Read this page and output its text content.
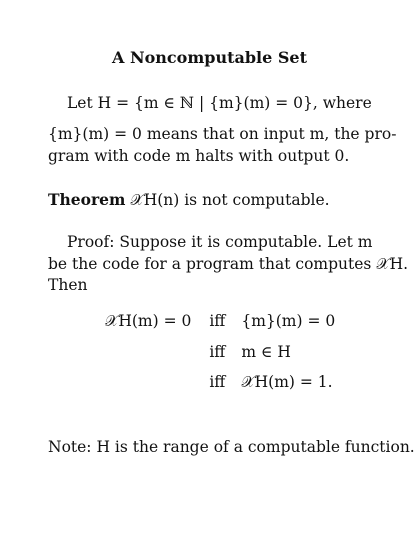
A Noncomputable Set
Let H = {m ∈ ℕ | {m}(m) = 0}, where
{m}(m) = 0 means that on input m, the pro-
gram with code m halts with output 0.
Theorem 𝒳H(n) is not computable.
Proof: Suppose it is computable. Let m
be the code for a program that computes 𝒳H.
Then
𝒳H(m) = 0	iff	{m}(m) = 0
	iff	m ∈ H
	iff	𝒳H(m) = 1.
Note: H is the range of a computable function.
